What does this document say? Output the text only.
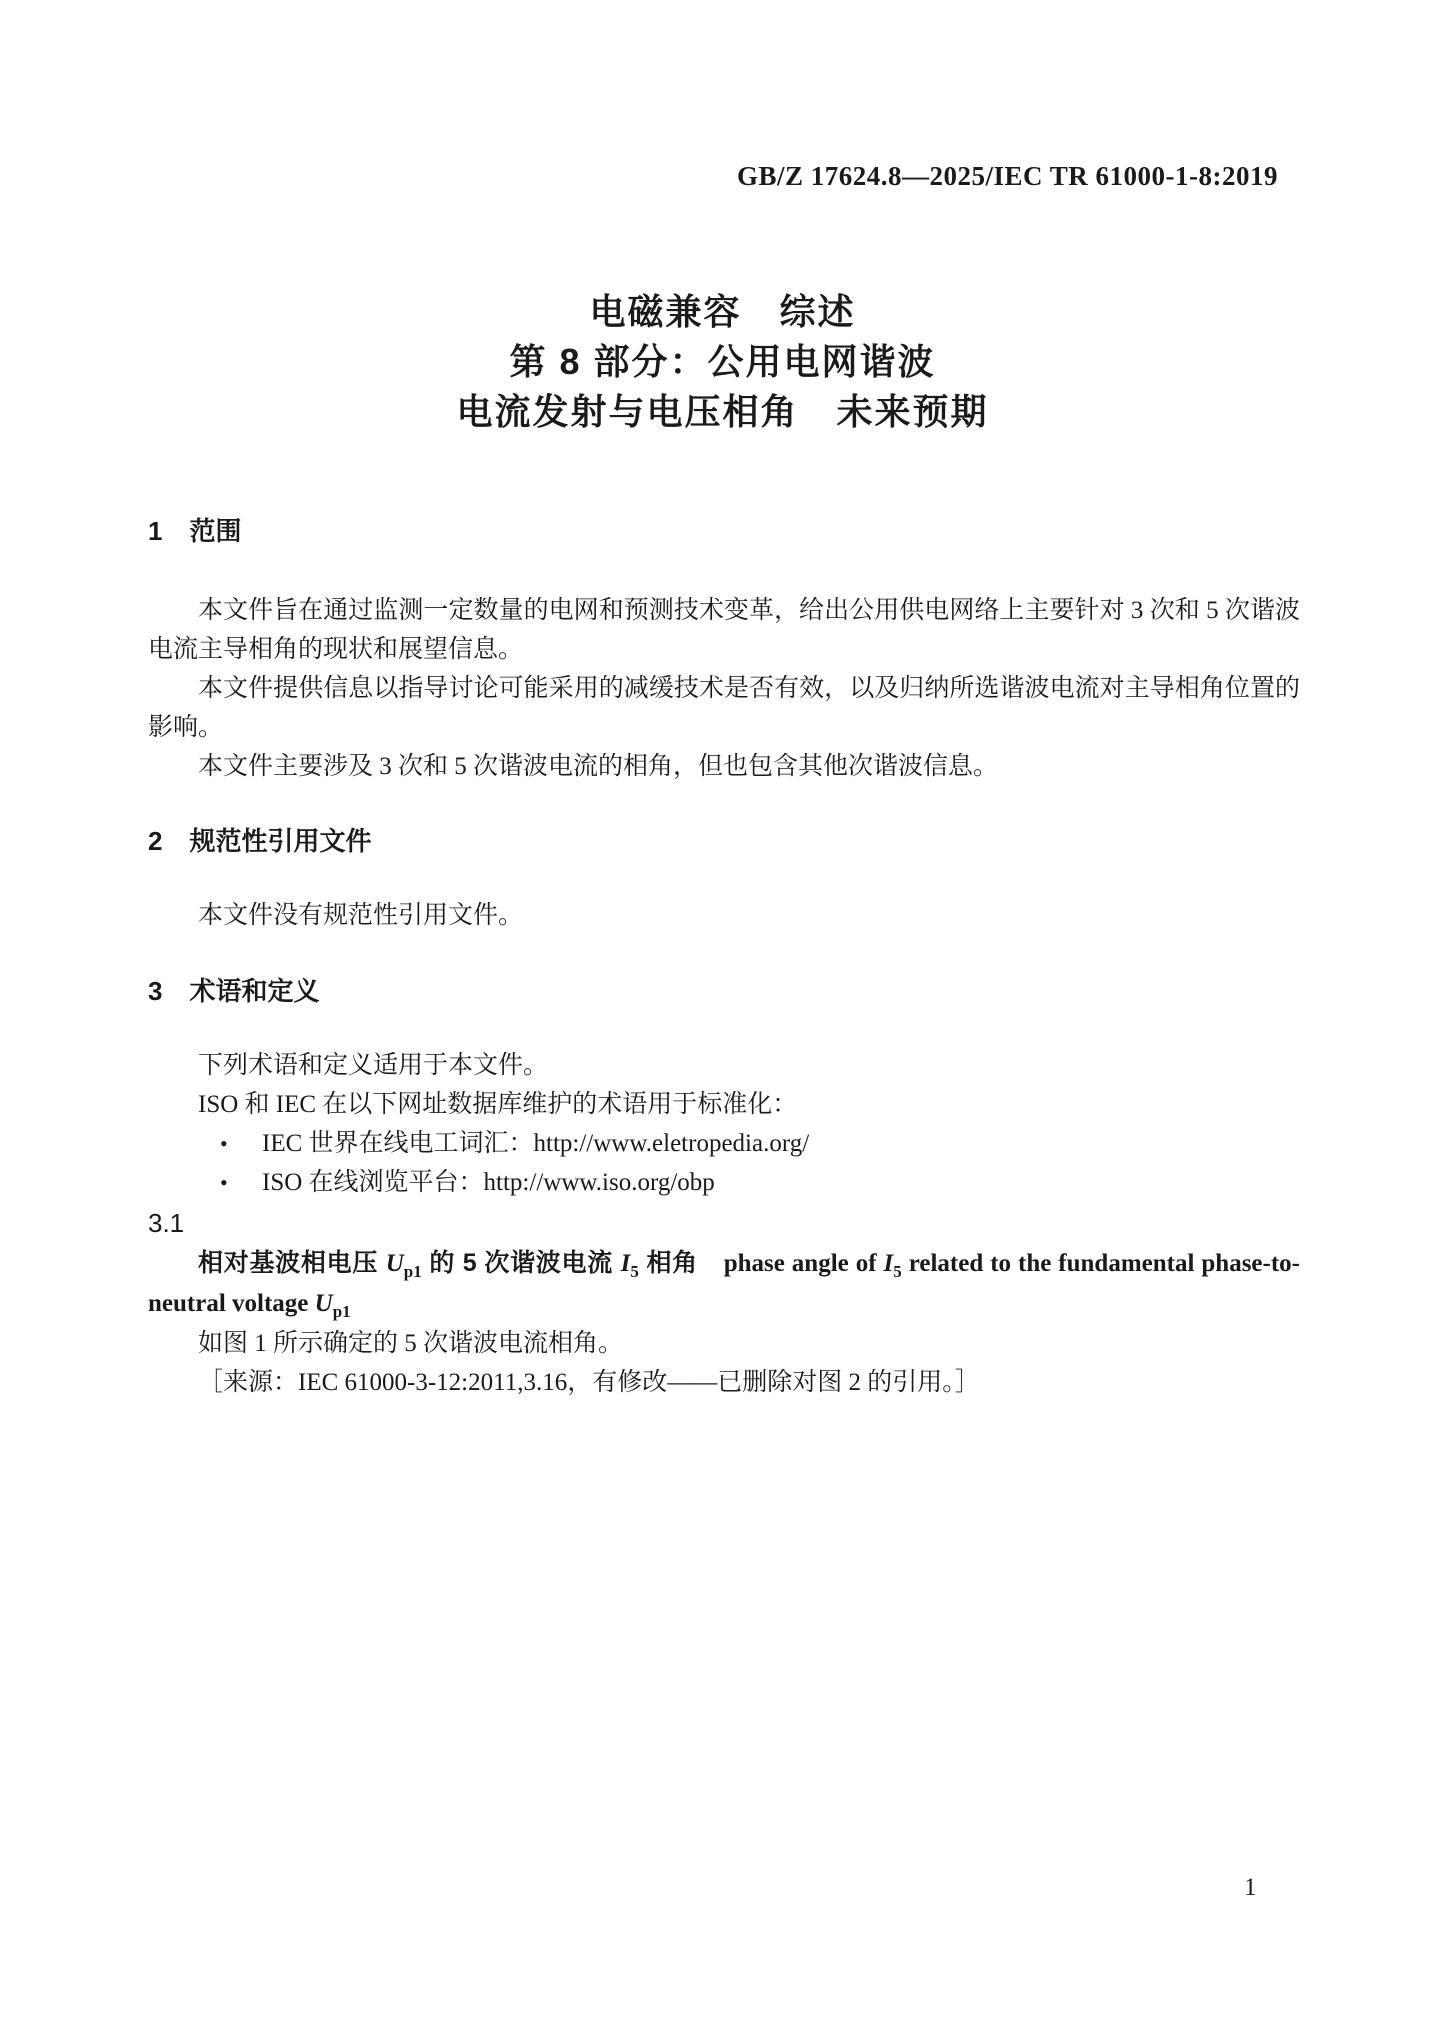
GB/Z 17624.8—2025/IEC TR 61000-1-8:2019
电磁兼容　综述
第 8 部分：公用电网谐波
电流发射与电压相角　未来预期
1 范围

本文件旨在通过监测一定数量的电网和预测技术变革，给出公用供电网络上主要针对 3 次和 5 次谐波电流主导相角的现状和展望信息。

本文件提供信息以指导讨论可能采用的减缓技术是否有效，以及归纳所选谐波电流对主导相角位置的影响。

本文件主要涉及 3 次和 5 次谐波电流的相角，但也包含其他次谐波信息。

2 规范性引用文件

本文件没有规范性引用文件。

3 术语和定义

下列术语和定义适用于本文件。

ISO 和 IEC 在以下网址数据库维护的术语用于标准化：

• IEC 世界在线电工词汇：http://www.eletropedia.org/
• ISO 在线浏览平台：http://www.iso.org/obp
3.1

相对基波相电压 $U_{p1}$ 的 5 次谐波电流 $I_5$ 相角　 phase angle of $I_5$ related to the fundamental phase-to-neutral voltage $U_{p1}$

如图 1 所示确定的 5 次谐波电流相角。

［来源：IEC 61000-3-12:2011,3.16，有修改——已删除对图 2 的引用。］

1
